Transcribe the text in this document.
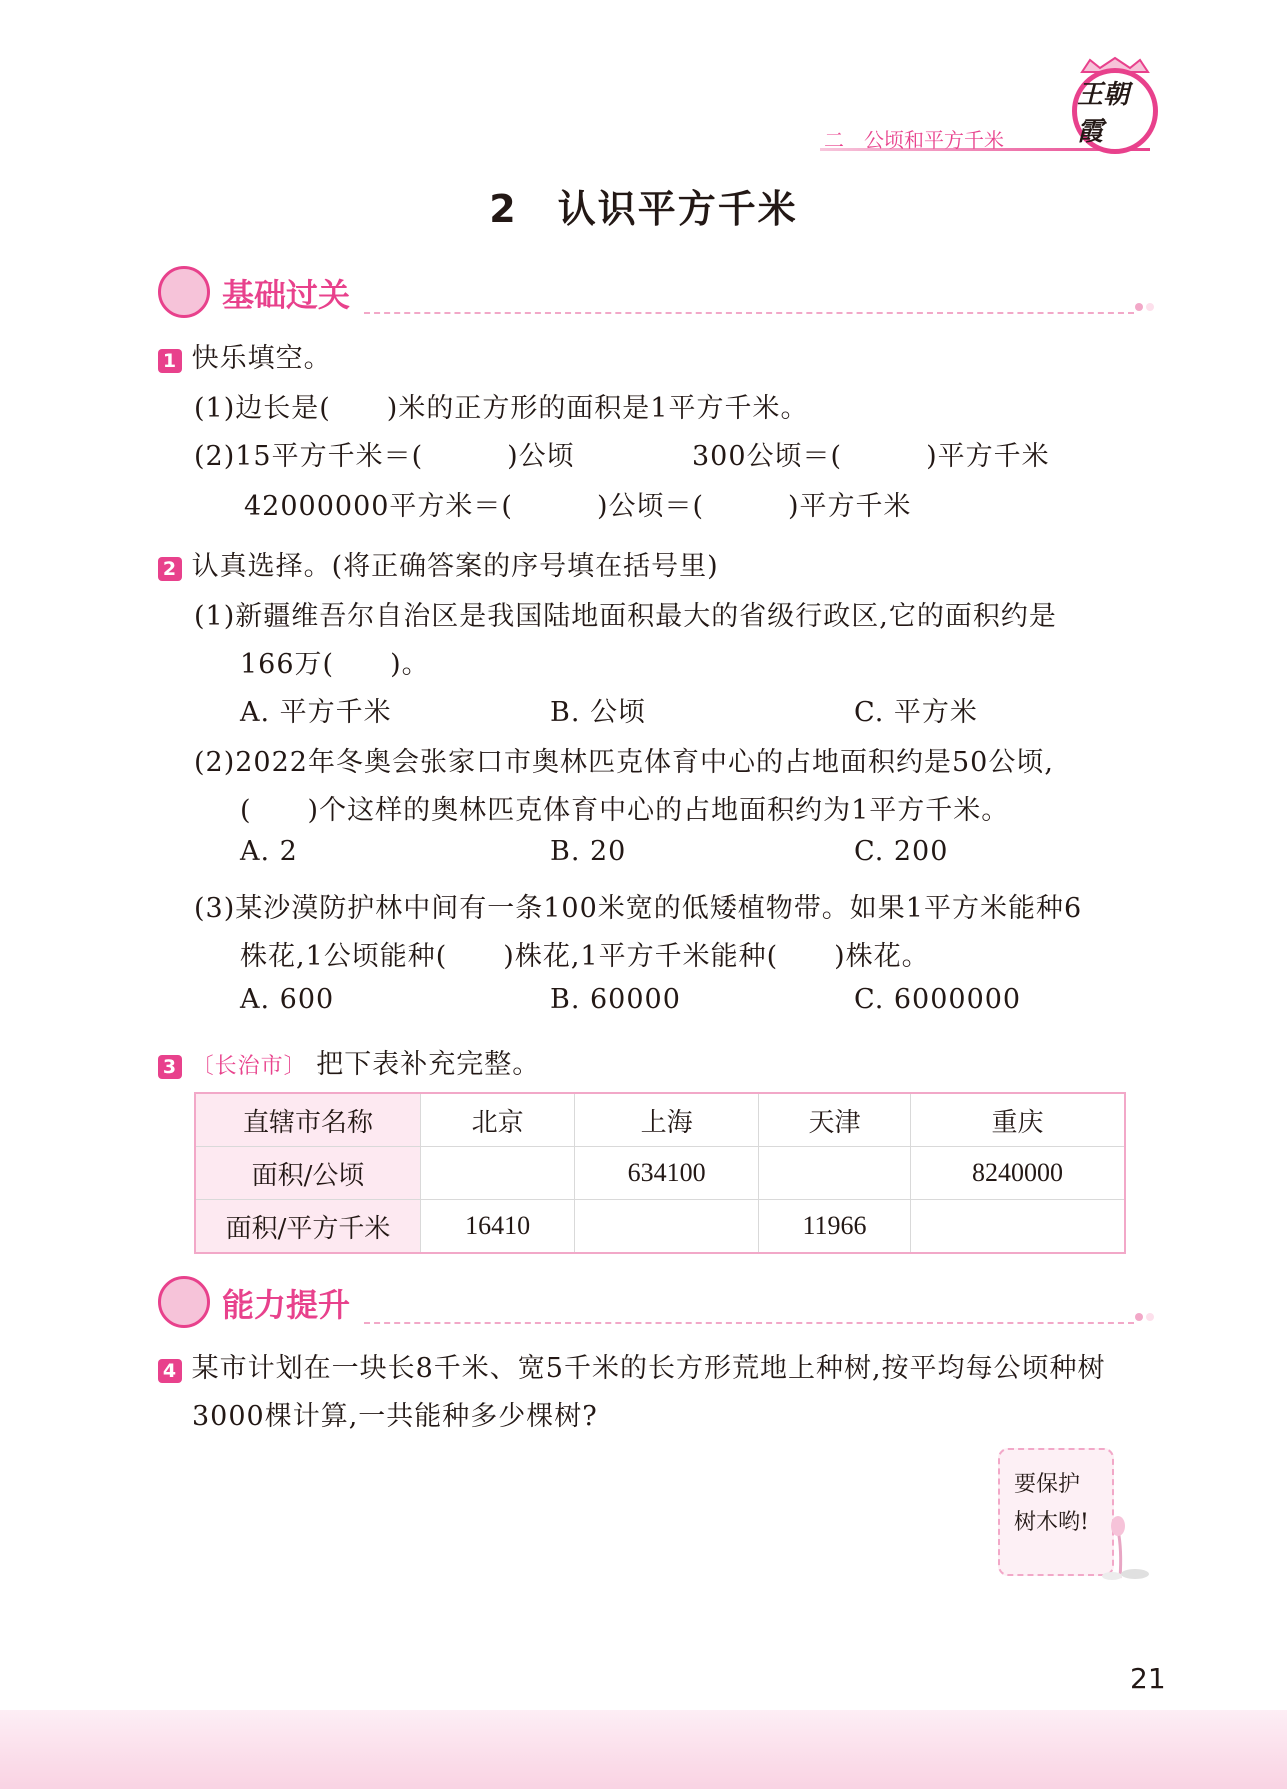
二　公顷和平方千米
王朝霞
2　认识平方千米
基础过关
1 快乐填空。
(1)边长是(　　)米的正方形的面积是1平方千米。
(2)15平方千米＝(　　　)公顷	300公顷＝(　　　)平方千米
42000000平方米＝(　　　)公顷＝(　　　)平方千米
2 认真选择。(将正确答案的序号填在括号里)
(1)新疆维吾尔自治区是我国陆地面积最大的省级行政区,它的面积约是
166万(　　)。
A. 平方千米	B. 公顷	C. 平方米
(2)2022年冬奥会张家口市奥林匹克体育中心的占地面积约是50公顷,
(　　)个这样的奥林匹克体育中心的占地面积约为1平方千米。
A. 2	B. 20	C. 200
(3)某沙漠防护林中间有一条100米宽的低矮植物带。如果1平方米能种6
株花,1公顷能种(　　)株花,1平方千米能种(　　)株花。
A. 600	B. 60000	C. 6000000
3 〔长治市〕 把下表补充完整。
直辖市名称	北京	上海	天津	重庆
面积/公顷		634100		8240000
面积/平方千米	16410		11966	
能力提升
4 某市计划在一块长8千米、宽5千米的长方形荒地上种树,按平均每公顷种树
3000棵计算,一共能种多少棵树?
要保护
树木哟!
21
